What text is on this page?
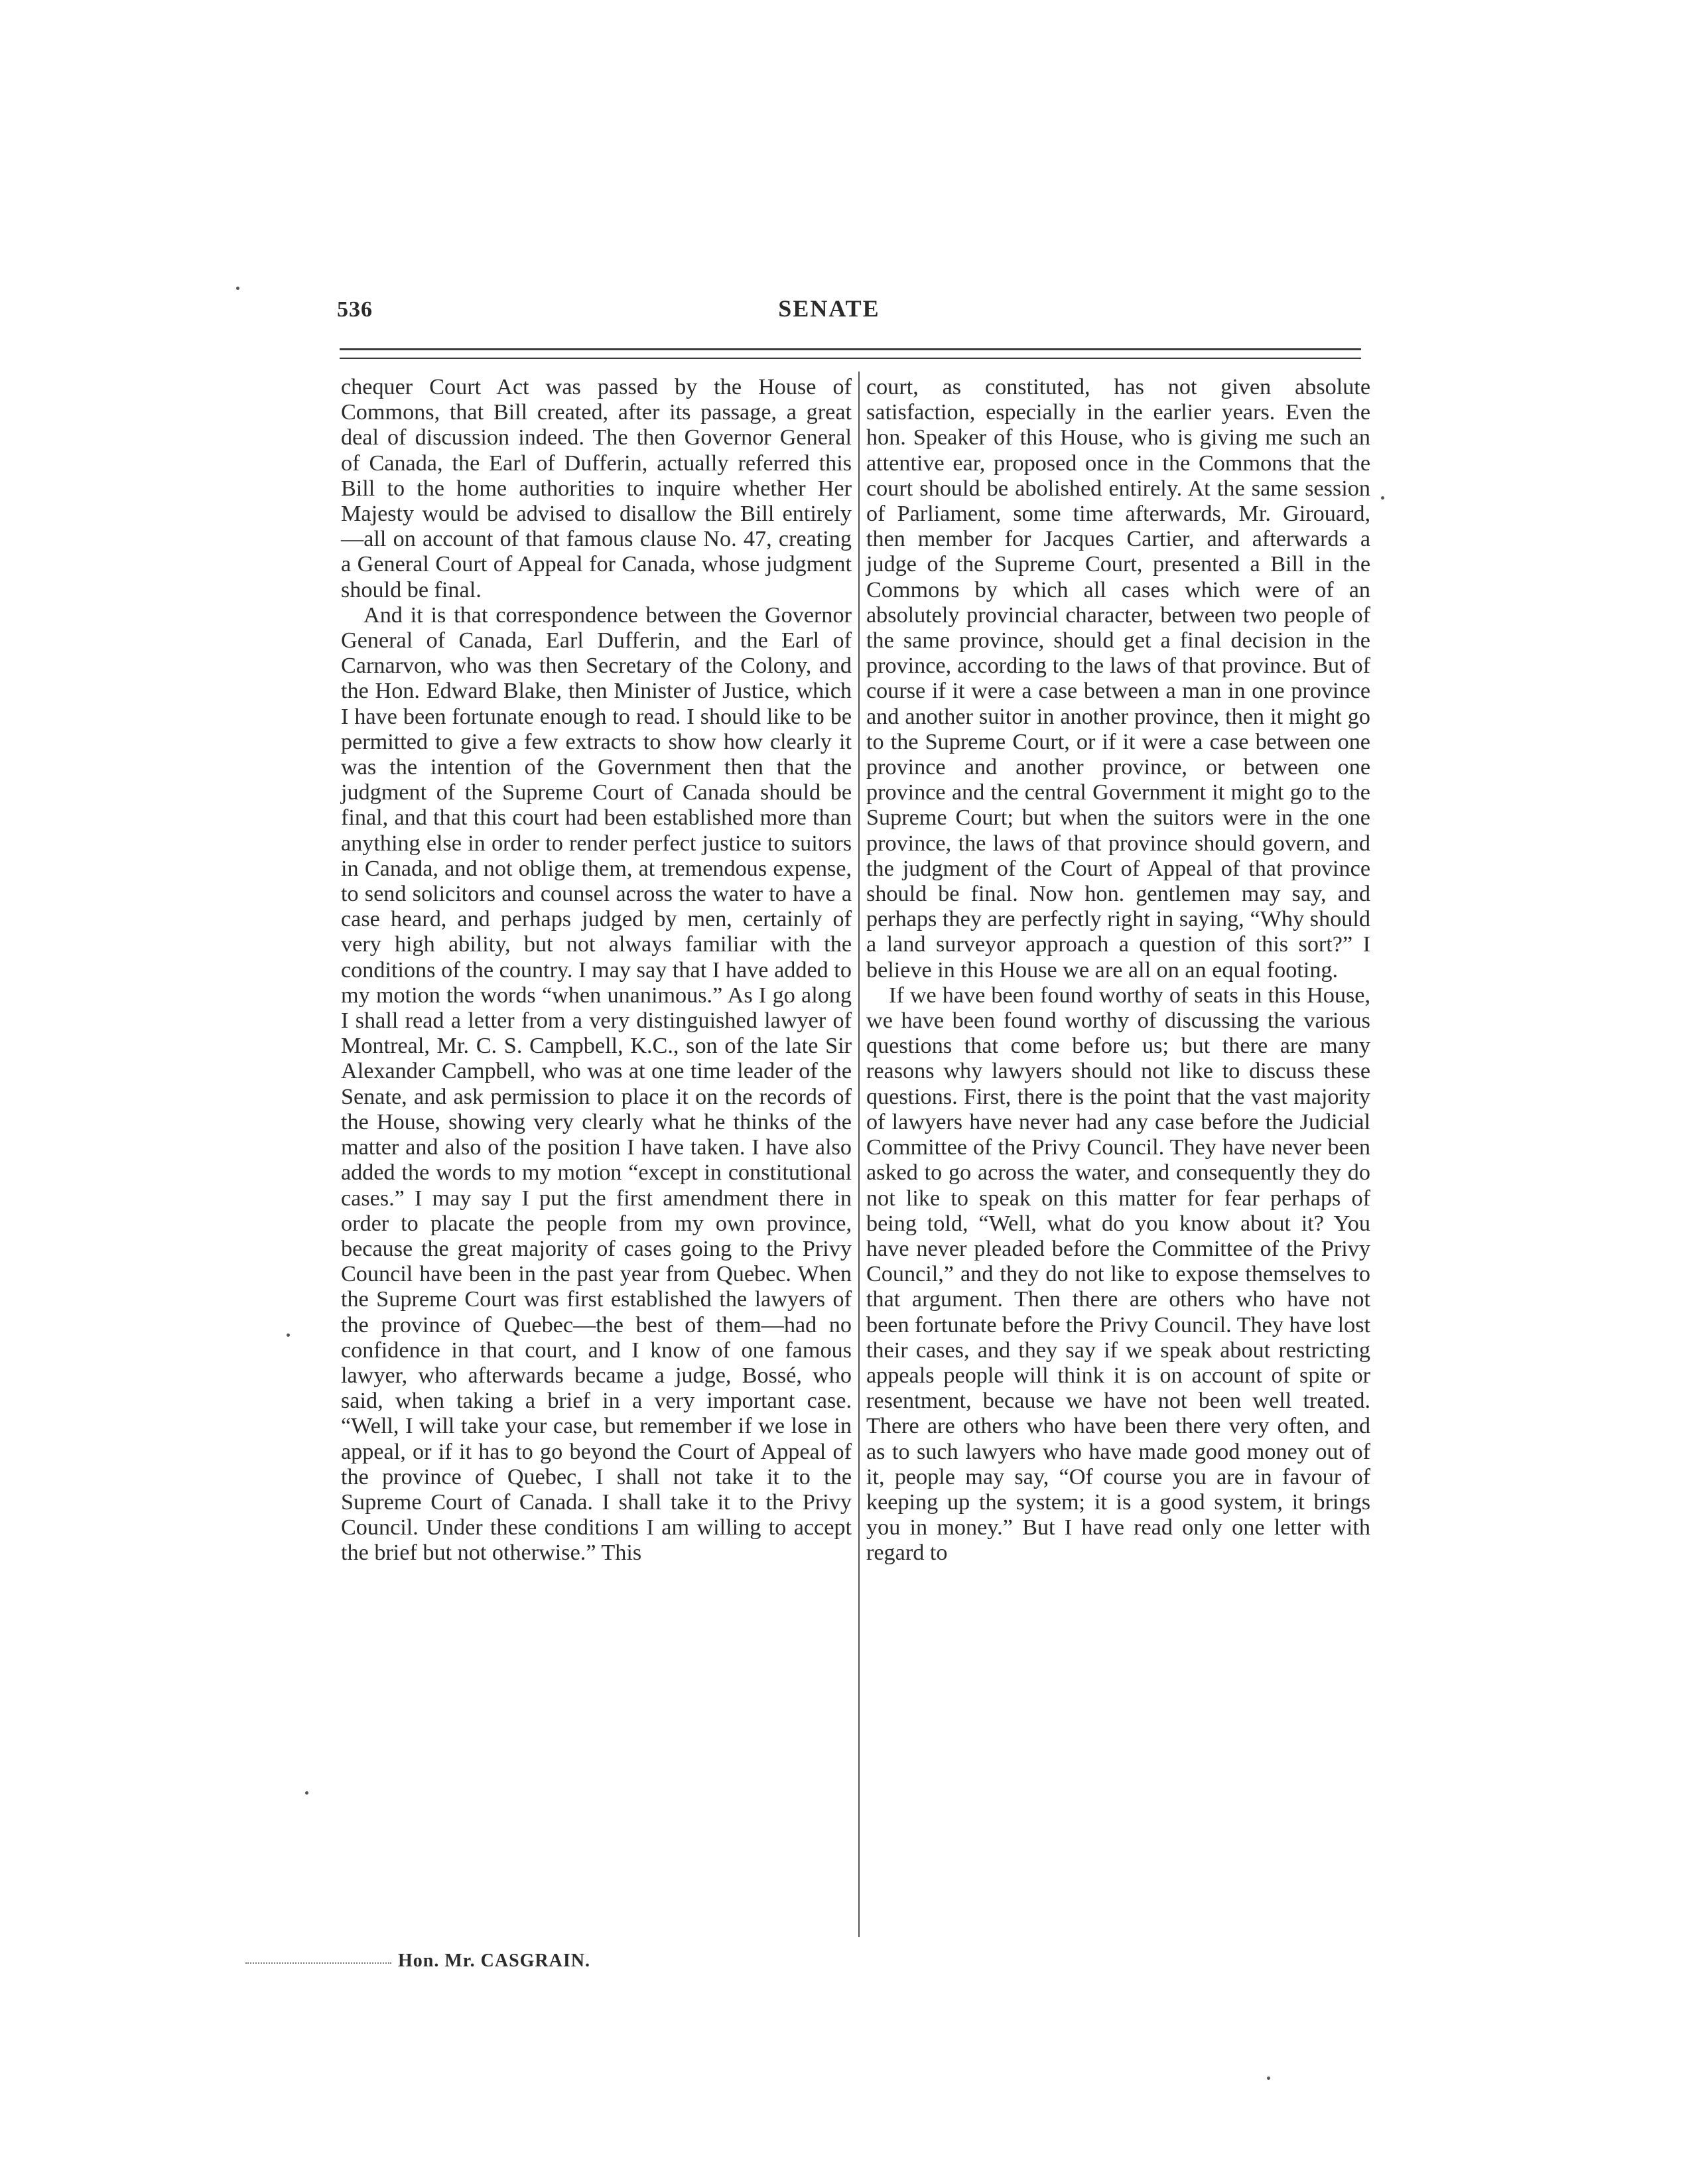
536	SENATE

chequer Court Act was passed by the House of Commons, that Bill created, after its passage, a great deal of discussion indeed. The then Governor General of Canada, the Earl of Dufferin, actually referred this Bill to the home authorities to inquire whether Her Majesty would be advised to disallow the Bill entirely—all on account of that famous clause No. 47, creating a General Court of Appeal for Canada, whose judgment should be final.

And it is that correspondence between the Governor General of Canada, Earl Dufferin, and the Earl of Carnarvon, who was then Secretary of the Colony, and the Hon. Edward Blake, then Minister of Justice, which I have been fortunate enough to read. I should like to be permitted to give a few extracts to show how clearly it was the intention of the Government then that the judgment of the Supreme Court of Canada should be final, and that this court had been established more than anything else in order to render perfect justice to suitors in Canada, and not oblige them, at tremendous expense, to send solicitors and counsel across the water to have a case heard, and perhaps judged by men, certainly of very high ability, but not always familiar with the conditions of the country. I may say that I have added to my motion the words “when unanimous.” As I go along I shall read a letter from a very distinguished lawyer of Montreal, Mr. C. S. Campbell, K.C., son of the late Sir Alexander Campbell, who was at one time leader of the Senate, and ask permission to place it on the records of the House, showing very clearly what he thinks of the matter and also of the position I have taken. I have also added the words to my motion “except in constitutional cases.” I may say I put the first amendment there in order to placate the people from my own province, because the great majority of cases going to the Privy Council have been in the past year from Quebec. When the Supreme Court was first established the lawyers of the province of Quebec—the best of them—had no confidence in that court, and I know of one famous lawyer, who afterwards became a judge, Bossé, who said, when taking a brief in a very important case. “Well, I will take your case, but remember if we lose in appeal, or if it has to go beyond the Court of Appeal of the province of Quebec, I shall not take it to the Supreme Court of Canada. I shall take it to the Privy Council. Under these conditions I am willing to accept the brief but not otherwise.” This

court, as constituted, has not given absolute satisfaction, especially in the earlier years. Even the hon. Speaker of this House, who is giving me such an attentive ear, proposed once in the Commons that the court should be abolished entirely. At the same session of Parliament, some time afterwards, Mr. Girouard, then member for Jacques Cartier, and afterwards a judge of the Supreme Court, presented a Bill in the Commons by which all cases which were of an absolutely provincial character, between two people of the same province, should get a final decision in the province, according to the laws of that province. But of course if it were a case between a man in one province and another suitor in another province, then it might go to the Supreme Court, or if it were a case between one province and another province, or between one province and the central Government it might go to the Supreme Court; but when the suitors were in the one province, the laws of that province should govern, and the judgment of the Court of Appeal of that province should be final. Now hon. gentlemen may say, and perhaps they are perfectly right in saying, “Why should a land surveyor approach a question of this sort?” I believe in this House we are all on an equal footing.

If we have been found worthy of seats in this House, we have been found worthy of discussing the various questions that come before us; but there are many reasons why lawyers should not like to discuss these questions. First, there is the point that the vast majority of lawyers have never had any case before the Judicial Committee of the Privy Council. They have never been asked to go across the water, and consequently they do not like to speak on this matter for fear perhaps of being told, “Well, what do you know about it? You have never pleaded before the Committee of the Privy Council,” and they do not like to expose themselves to that argument. Then there are others who have not been fortunate before the Privy Council. They have lost their cases, and they say if we speak about restricting appeals people will think it is on account of spite or resentment, because we have not been well treated. There are others who have been there very often, and as to such lawyers who have made good money out of it, people may say, “Of course you are in favour of keeping up the system; it is a good system, it brings you in money.” But I have read only one letter with regard to

Hon. Mr. CASGRAIN.
